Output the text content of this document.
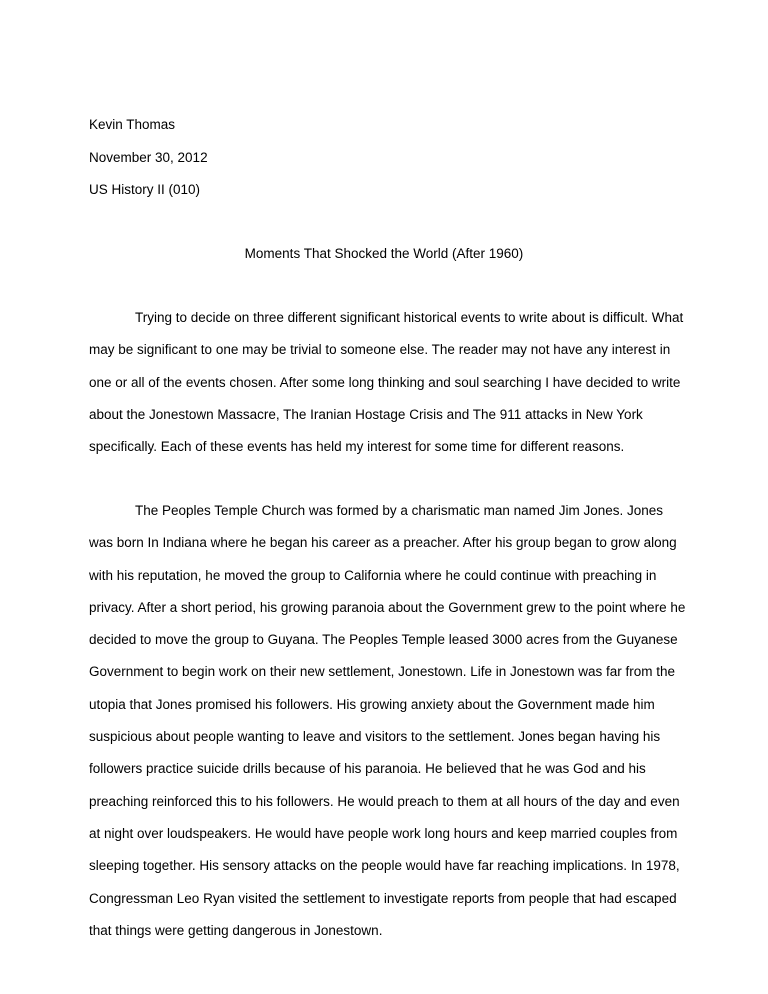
Kevin Thomas
November 30, 2012
US History II (010)
Moments That Shocked the World (After 1960)

Trying to decide on three different significant historical events to write about is difficult. What may be significant to one may be trivial to someone else. The reader may not have any interest in one or all of the events chosen. After some long thinking and soul searching I have decided to write about the Jonestown Massacre, The Iranian Hostage Crisis and The 911 attacks in New York specifically. Each of these events has held my interest for some time for different reasons.

The Peoples Temple Church was formed by a charismatic man named Jim Jones. Jones was born In Indiana where he began his career as a preacher. After his group began to grow along with his reputation, he moved the group to California where he could continue with preaching in privacy. After a short period, his growing paranoia about the Government grew to the point where he decided to move the group to Guyana. The Peoples Temple leased 3000 acres from the Guyanese Government to begin work on their new settlement, Jonestown. Life in Jonestown was far from the utopia that Jones promised his followers. His growing anxiety about the Government made him suspicious about people wanting to leave and visitors to the settlement. Jones began having his followers practice suicide drills because of his paranoia. He believed that he was God and his preaching reinforced this to his followers. He would preach to them at all hours of the day and even at night over loudspeakers. He would have people work long hours and keep married couples from sleeping together. His sensory attacks on the people would have far reaching implications. In 1978, Congressman Leo Ryan visited the settlement to investigate reports from people that had escaped that things were getting dangerous in Jonestown.
